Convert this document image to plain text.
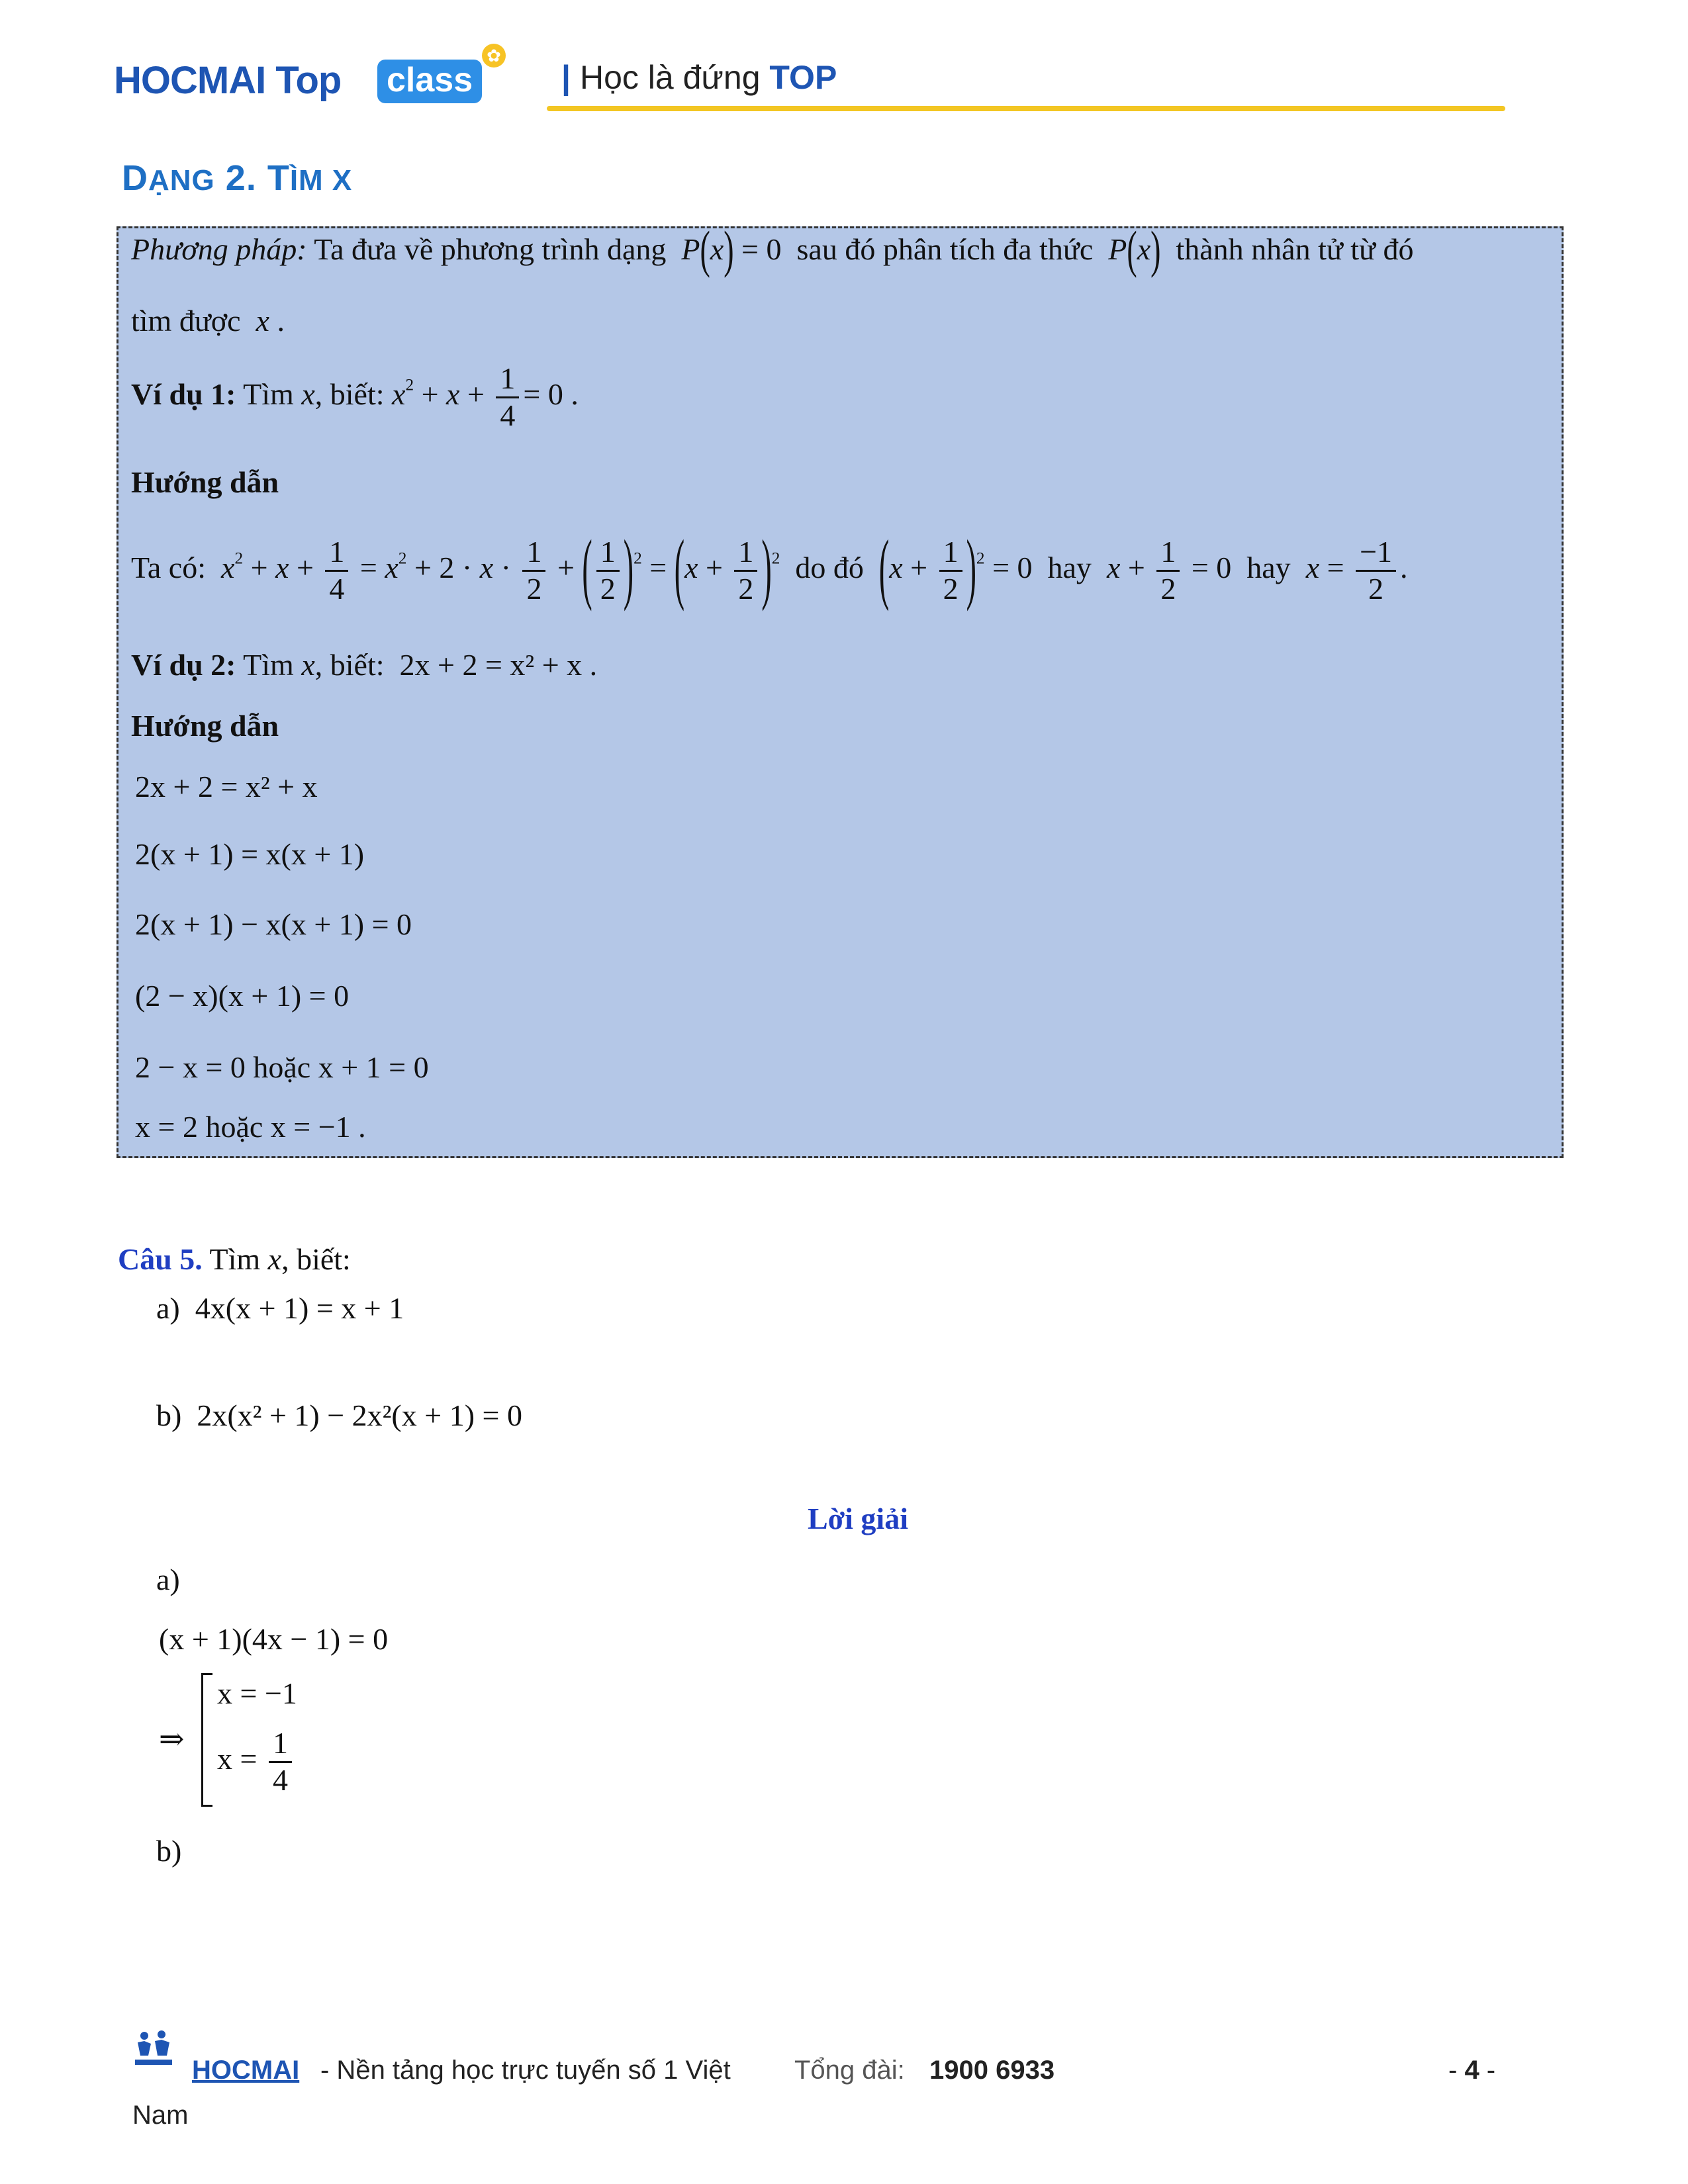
HOCMAI Top class
✿
| Học là đứng TOP
DẠNG 2. TÌM X
Phương pháp: Ta đưa về phương trình dạng P(x) = 0  sau đó phân tích đa thức P(x) thành nhân tử từ đó
tìm được  x .
Ví dụ 1: Tìm x, biết: $x^2 + x + \frac{1}{4} = 0$ .
Hướng dẫn
Ta có: $x^2 + x + \frac{1}{4} = x^2 + 2 \cdot x \cdot \frac{1}{2}$ + ( $\frac{1}{2} )^2 = (x + \frac{1}{2} )^2$ do đó $(x + \frac{1}{2} )^2 = 0$  hay $x + \frac{1}{2} = 0$  hay $x = \frac{-1}{2}$ .
Ví dụ 2: Tìm x, biết: 2x + 2 = x² + x .
Hướng dẫn
2x + 2 = x² + x
2(x + 1) = x(x + 1)
2(x + 1) − x(x + 1) = 0
(2 − x)(x + 1) = 0
2 − x = 0 hoặc x + 1 = 0
x = 2 hoặc x = −1 .
Câu 5. Tìm x, biết:
a) 4x(x + 1) = x + 1
b) 2x(x² + 1) − 2x²(x + 1) = 0
Lời giải
a)
(x + 1)(4x − 1) = 0
⇒
x = −1
$x = \frac{1}{4}$
b)
HOCMAI - Nền tảng học trực tuyến số 1 Việt Tổng đài: 1900 6933	- 4 -
Nam
